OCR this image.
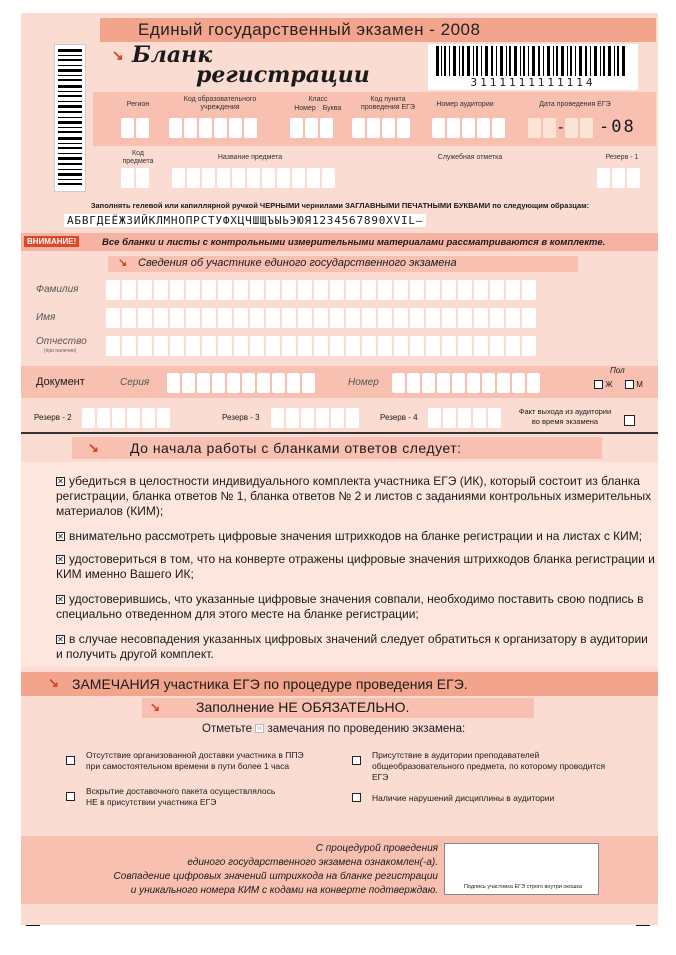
Единый государственный экзамен - 2008
↘ Бланк
регистрации	3111111111114
Регион
Код образовательного учреждения
Класс
Номер Буква
Код пункта проведения ЕГЭ	Номер аудитории	Дата проведения ЕГЭ
- -08
Код предмета
Название предмета	Служебная отметка	Резерв - 1
Заполнять гелевой или капиллярной ручкой ЧЕРНЫМИ чернилами ЗАГЛАВНЫМИ ПЕЧАТНЫМИ БУКВАМИ по следующим образцам:
АБВГДЕЁЖЗИЙКЛМНОПРСТУФХЦЧШЩЪЫЬЭЮЯ1234567890XVIL–
ВНИМАНИЕ!	Все бланки и листы с контрольными измерительными материалами рассматриваются в комплекте.
↘ Сведения об участнике единого государственного экзамена
Фамилия
Имя
Отчество
(при наличии)
Документ	Серия	Номер
Пол
Ж	М
Резерв - 2	Резерв - 3	Резерв - 4
Факт выхода из аудитории во время экзамена
↘ До начала работы с бланками ответов следует:
✕ убедиться в целостности индивидуального комплекта участника ЕГЭ (ИК), который состоит из бланка регистрации, бланка ответов № 1, бланка ответов № 2 и листов с заданиями контрольных измерительных материалов (КИМ);
✕ внимательно рассмотреть цифровые значения штрихкодов на бланке регистрации и на листах с КИМ;
✕ удостовериться в том, что на конверте отражены цифровые значения штрихкодов бланка регистрации и КИМ именно Вашего ИК;
✕ удостоверившись, что указанные цифровые значения совпали, необходимо поставить свою подпись в специально отведенном для этого месте на бланке регистрации;
✕ в случае несовпадения указанных цифровых значений следует обратиться к организатору в аудитории и получить другой комплект.
↘ ЗАМЕЧАНИЯ участника ЕГЭ по процедуре проведения ЕГЭ.
↘	Заполнение НЕ ОБЯЗАТЕЛЬНО.
Отметьте ✕ замечания по проведению экзамена:
Отсутствие организованной доставки участника в ППЭ при самостоятельном времени в пути более 1 часа
Вскрытие доставочного пакета осуществлялось НЕ в присутствии участника ЕГЭ
Присутствие в аудитории преподавателей общеобразовательного предмета, по которому проводится ЕГЭ
Наличие нарушений дисциплины в аудитории
С процедурой проведения
единого государственного экзамена ознакомлен(-а).
Совпадение цифровых значений штрихкода на бланке регистрации
и уникального номера КИМ с кодами на конверте подтверждаю.	Подпись участника ЕГЭ строго внутри окошка
